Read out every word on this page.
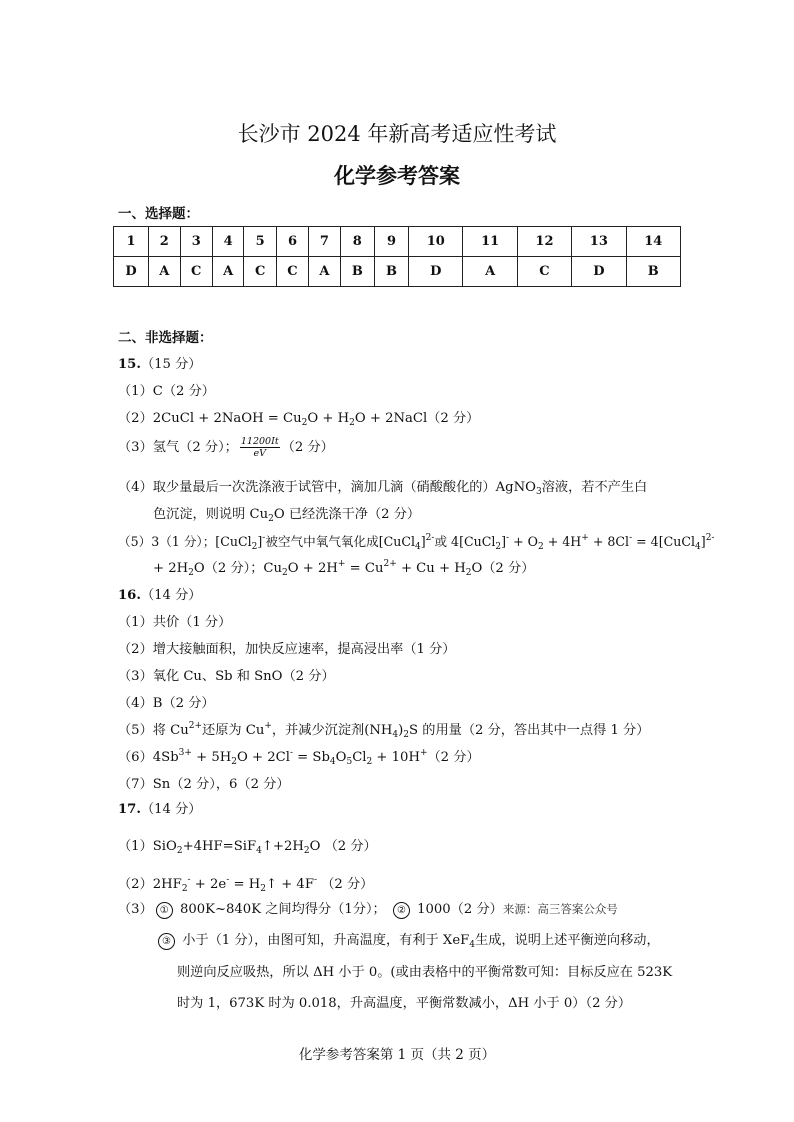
长沙市 2024 年新高考适应性考试
化学参考答案
一、选择题：
1	2	3	4	5	6	7	8	9	10	11	12	13	14
D	A	C	A	C	C	A	B	B	D	A	C	D	B
二、非选择题：
15.（15 分）
（1）C（2 分）
（2）2CuCl + 2NaOH = $Cu_2O + H_2O$ + 2NaCl（2 分）
（3）氢气（2 分）； $\frac{11200It}{eV} (2$ 分）
（4）取少量最后一次洗涤液于试管中，滴加几滴（硝酸酸化的）AgNO$_3$溶液，若不产生白
色沉淀，则说明 $Cu_2O$ 已经洗涤干净（2 分）
（5）3（1 分）；[CuCl$_2$]-被空气中氧气氧化成[CuCl$_4$]$^{2-}$或 4[CuCl$_2$]- + $O_2 + 4H^+ + 8Cl^-$ = 4[CuCl$_4$]$^{2-}$
+ $2H_2O(2$ 分）；$Cu_2O + 2H^+ = Cu^{2+} + Cu + H_2O(2$ 分）
16.（14 分）
（1）共价（1 分）
（2）增大接触面积，加快反应速率，提高浸出率（1 分）
（3）氧化 Cu、Sb 和 SnO（2 分）
（4）B（2 分）
（5）将 $Cu^{2+}$还原为 Cu+，并减少沉淀剂$(NH_4)_2S$ 的用量（2 分，答出其中一点得 1 分）
$(6)4Sb^{3+} + 5H_2O + 2Cl^- = Sb_4O_5Cl_2 + 10H^+(2$ 分）
（7）Sn（2 分），6（2 分）
17.（14 分）
$(1)SiO_2+4HF=SiF_4↑+2H_2O$ （2 分）
$(2)2HF_2^- + 2e^-$ = $H_2↑ + 4F^-$ （2 分）
（3） ① 800K~840K 之间均得分（1分）； ② 1000（2 分）来源：高三答案公众号
③ 小于（1 分），由图可知，升高温度，有利于 XeF$_4$生成，说明上述平衡逆向移动，
则逆向反应吸热，所以 ΔH 小于 0。(或由表格中的平衡常数可知：目标反应在 523K
时为 1，673K 时为 0.018，升高温度，平衡常数减小，ΔH 小于 0）（2 分）
化学参考答案第 1 页（共 2 页）
